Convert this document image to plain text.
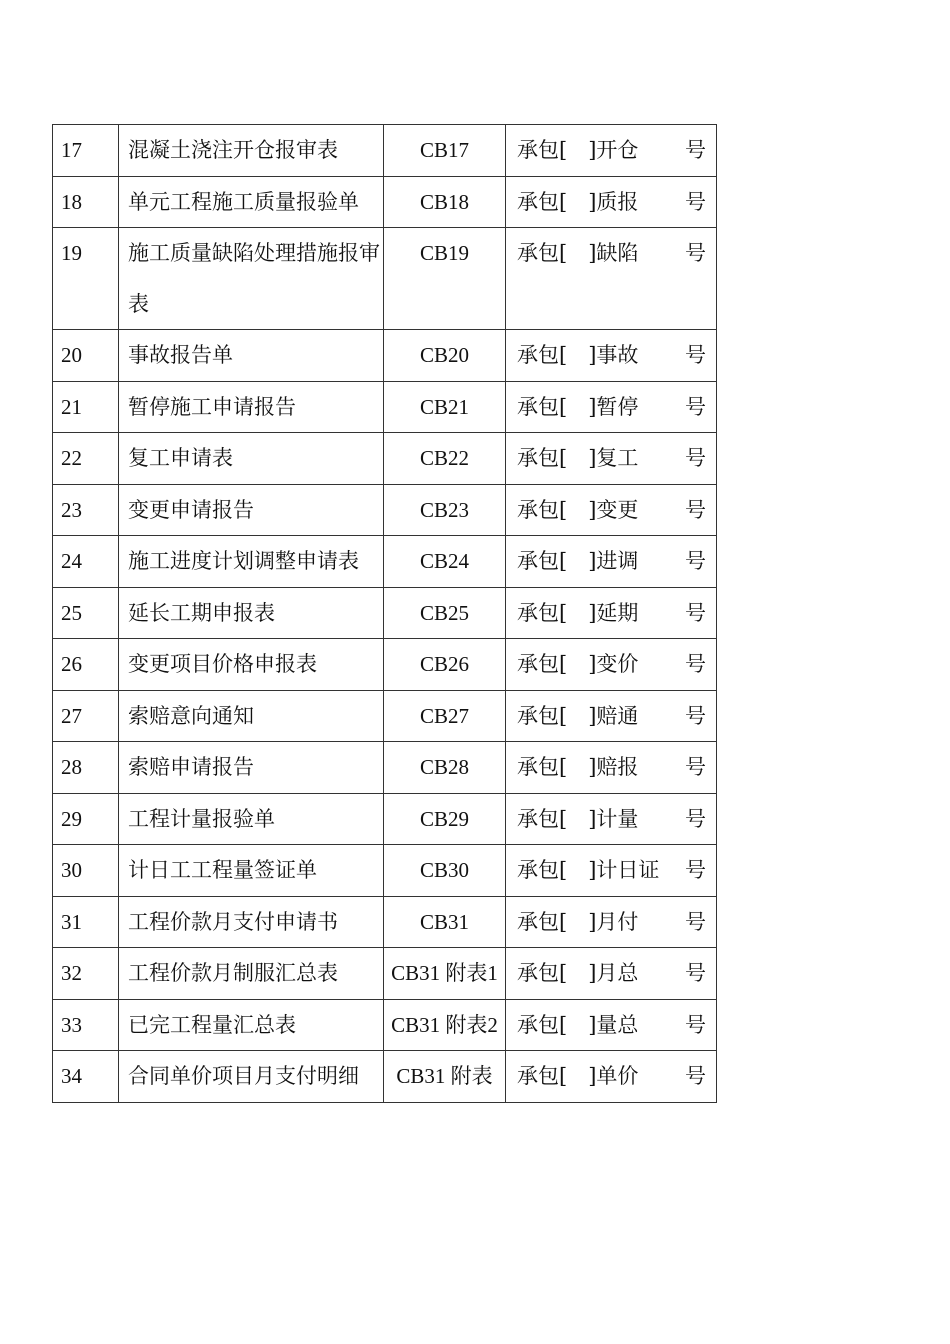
17	混凝土浇注开仓报审表	CB17	承包[　]开仓 号

18	单元工程施工质量报验单	CB18	承包[　]质报 号

19	施工质量缺陷处理措施报审表	CB19	承包[　]缺陷 号

20	事故报告单	CB20	承包[　]事故 号

21	暂停施工申请报告	CB21	承包[　]暂停 号

22	复工申请表	CB22	承包[　]复工 号

23	变更申请报告	CB23	承包[　]变更 号

24	施工进度计划调整申请表	CB24	承包[　]进调 号

25	延长工期申报表	CB25	承包[　]延期 号

26	变更项目价格申报表	CB26	承包[　]变价 号

27	索赔意向通知	CB27	承包[　]赔通 号

28	索赔申请报告	CB28	承包[　]赔报 号

29	工程计量报验单	CB29	承包[　]计量 号

30	计日工工程量签证单	CB30	承包[　]计日证 号

31	工程价款月支付申请书	CB31	承包[　]月付 号

32	工程价款月制服汇总表	CB31 附表1	承包[　]月总 号

33	已完工程量汇总表	CB31 附表2	承包[　]量总 号

34	合同单价项目月支付明细	CB31 附表	承包[　]单价 号
